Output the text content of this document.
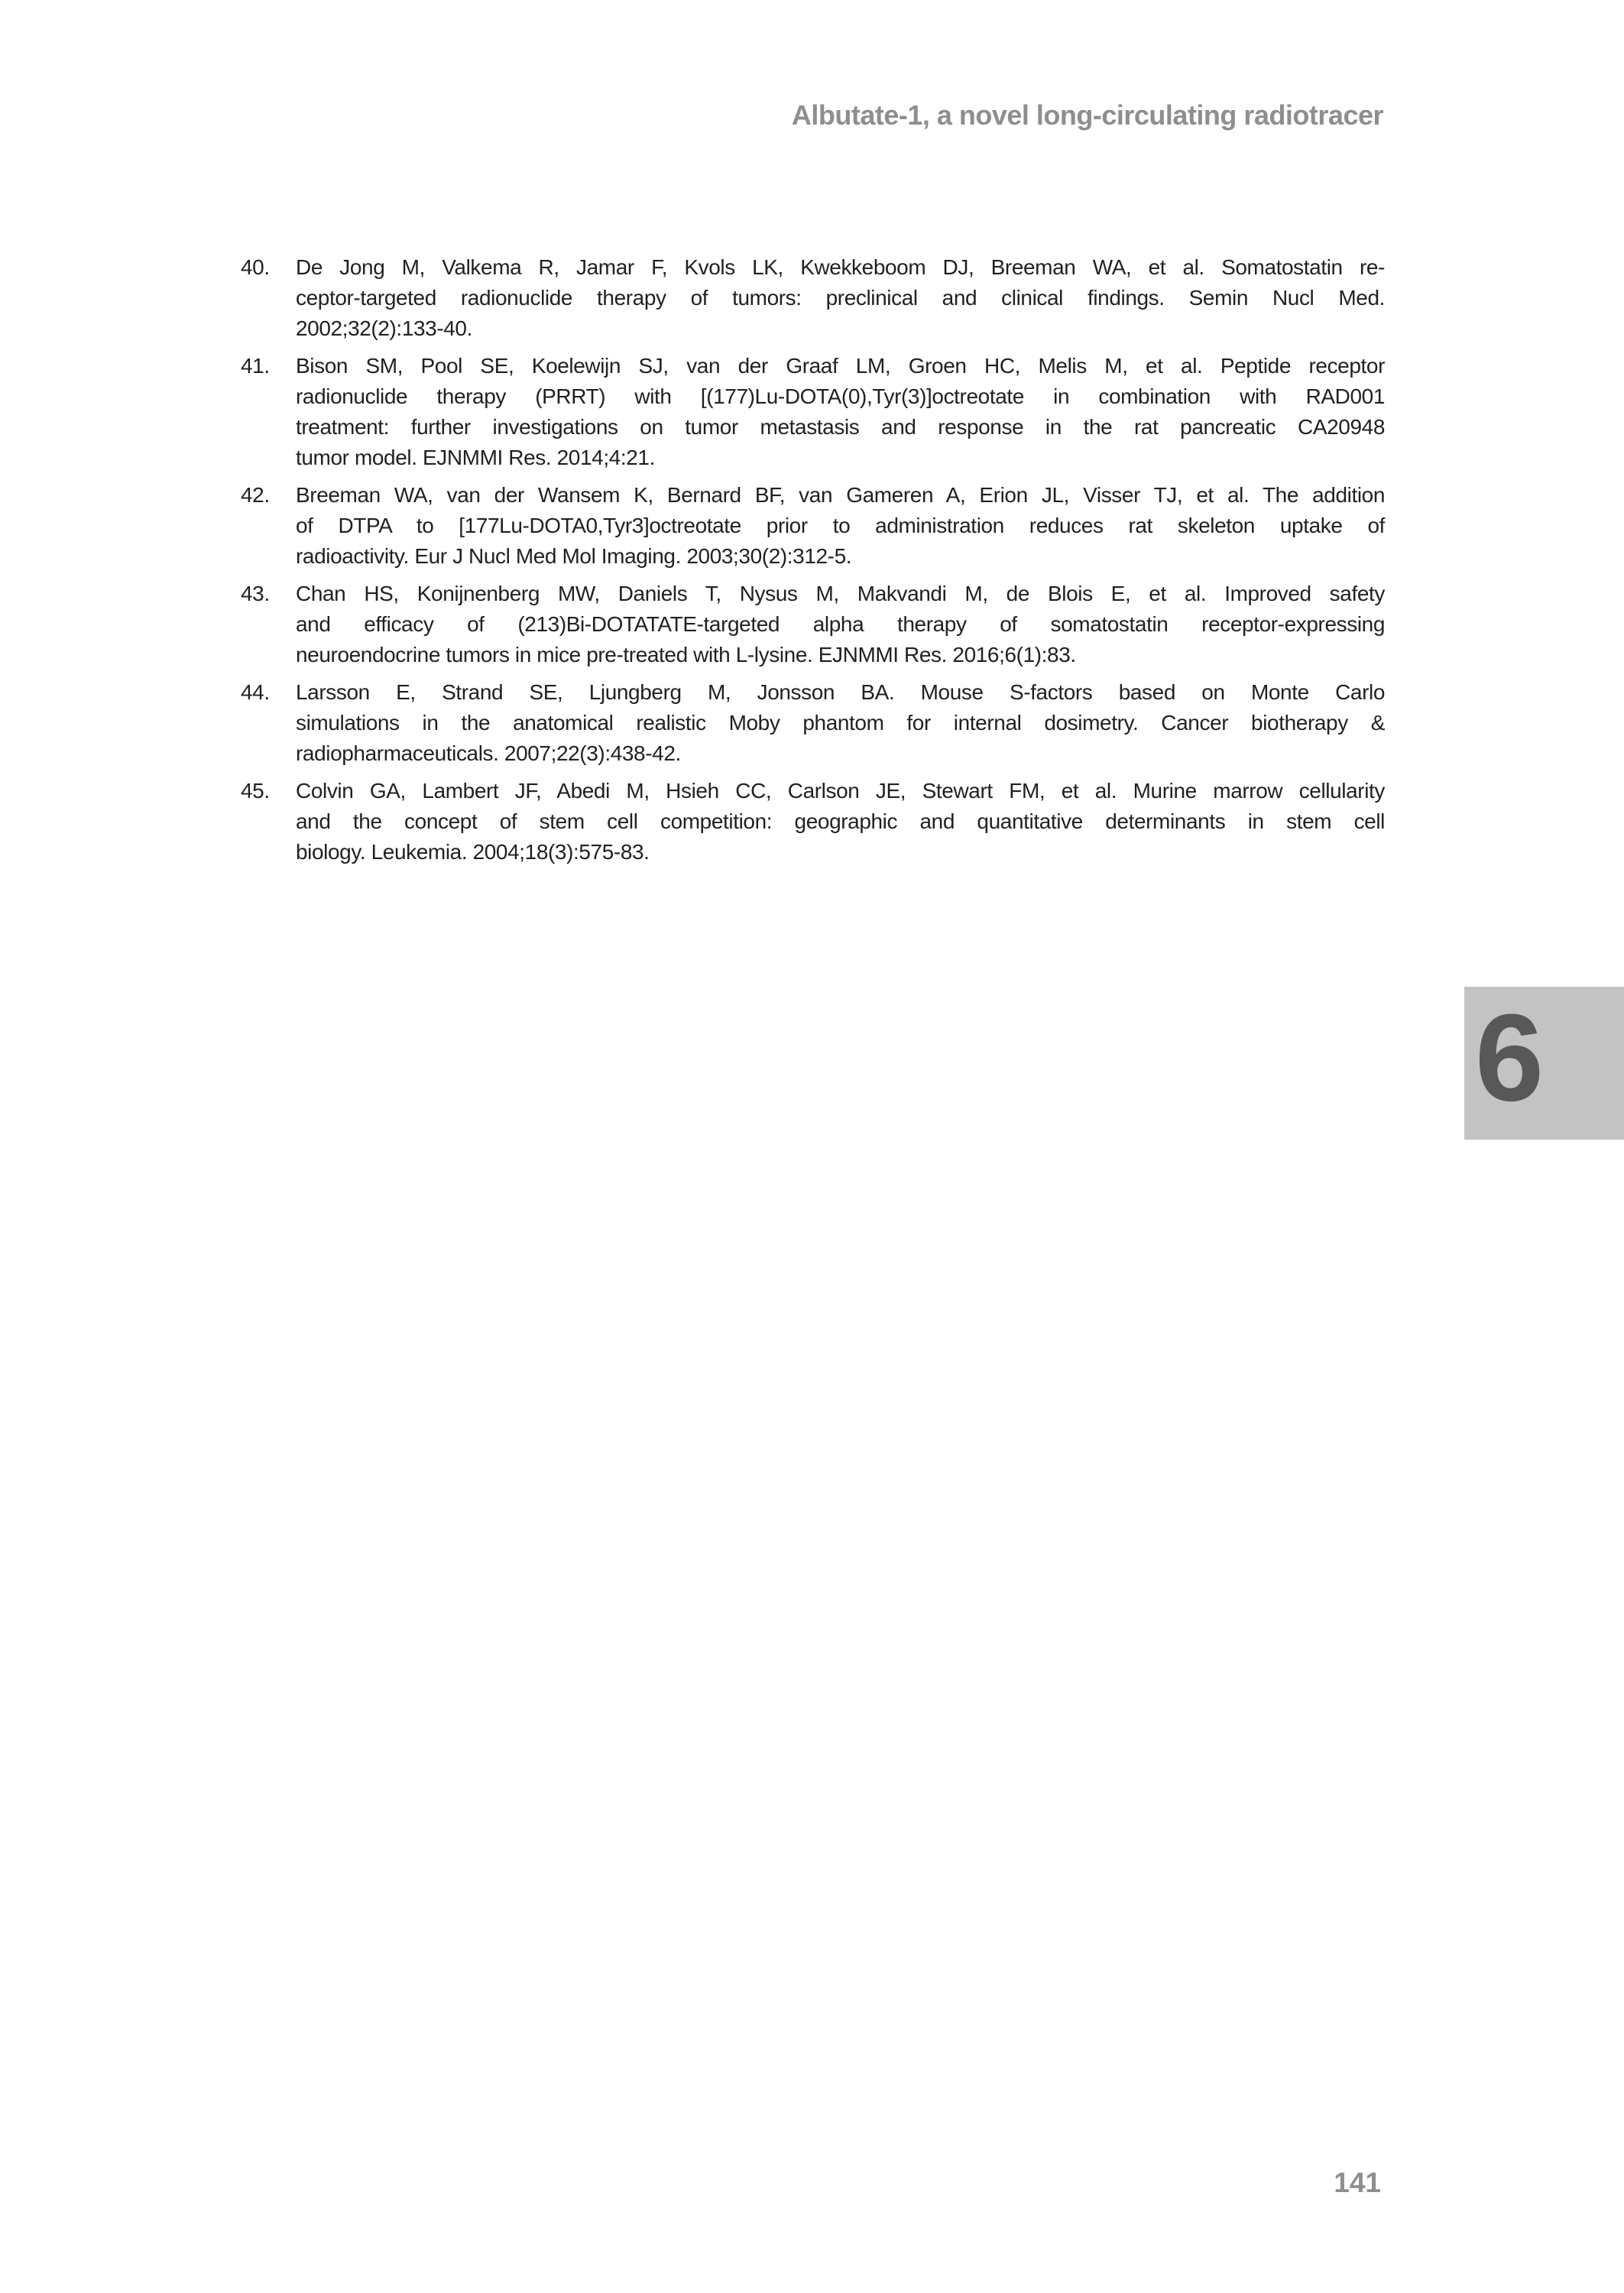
Albutate-1, a novel long-circulating radiotracer
40.	De Jong M, Valkema R, Jamar F, Kvols LK, Kwekkeboom DJ, Breeman WA, et al. Somatostatin re-
ceptor-targeted radionuclide therapy of tumors: preclinical and clinical findings. Semin Nucl Med.
2002;32(2):133-40.
41.	Bison SM, Pool SE, Koelewijn SJ, van der Graaf LM, Groen HC, Melis M, et al. Peptide receptor
radionuclide therapy (PRRT) with [(177)Lu-DOTA(0),Tyr(3)]octreotate in combination with RAD001
treatment: further investigations on tumor metastasis and response in the rat pancreatic CA20948
tumor model. EJNMMI Res. 2014;4:21.
42.	Breeman WA, van der Wansem K, Bernard BF, van Gameren A, Erion JL, Visser TJ, et al. The addition
of DTPA to [177Lu-DOTA0,Tyr3]octreotate prior to administration reduces rat skeleton uptake of
radioactivity. Eur J Nucl Med Mol Imaging. 2003;30(2):312-5.
43.	Chan HS, Konijnenberg MW, Daniels T, Nysus M, Makvandi M, de Blois E, et al. Improved safety
and efficacy of (213)Bi-DOTATATE-targeted alpha therapy of somatostatin receptor-expressing
neuroendocrine tumors in mice pre-treated with L-lysine. EJNMMI Res. 2016;6(1):83.
44.	Larsson E, Strand SE, Ljungberg M, Jonsson BA. Mouse S-factors based on Monte Carlo
simulations in the anatomical realistic Moby phantom for internal dosimetry. Cancer biotherapy &
radiopharmaceuticals. 2007;22(3):438-42.
45.	Colvin GA, Lambert JF, Abedi M, Hsieh CC, Carlson JE, Stewart FM, et al. Murine marrow cellularity
and the concept of stem cell competition: geographic and quantitative determinants in stem cell
biology. Leukemia. 2004;18(3):575-83.
6
141
